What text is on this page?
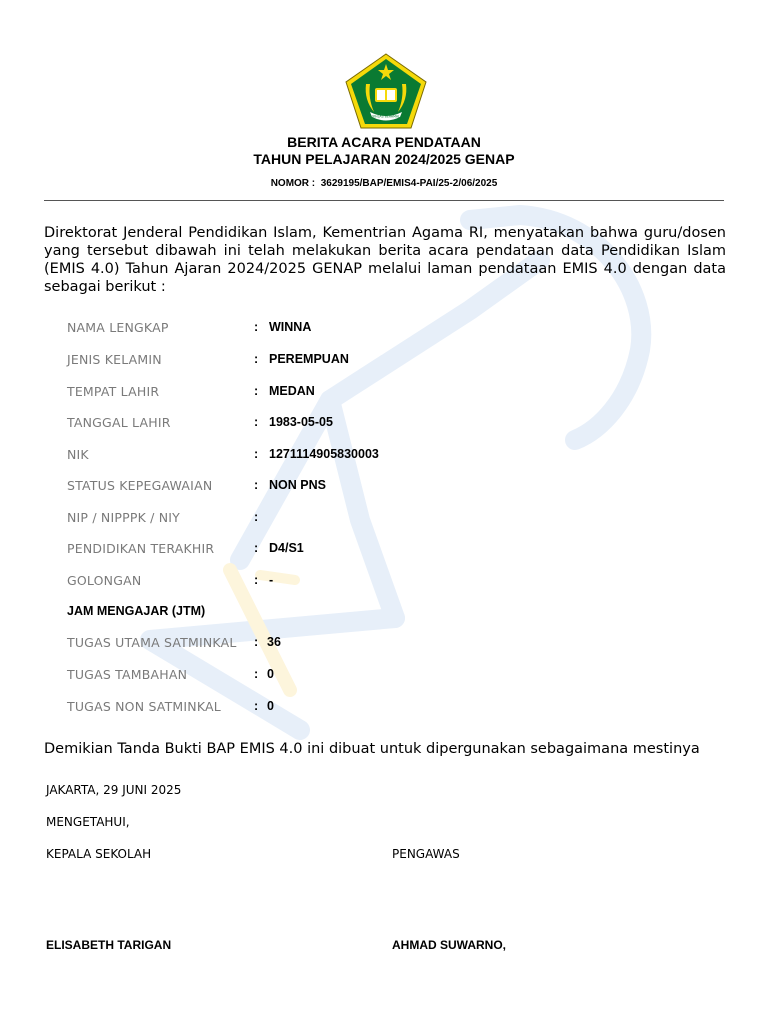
IKHLAS BERAMAL
BERITA ACARA PENDATAAN
TAHUN PELAJARAN 2024/2025 GENAP
NOMOR :  3629195/BAP/EMIS4-PAI/25-2/06/2025
Direktorat Jenderal Pendidikan Islam, Kementrian Agama RI, menyatakan bahwa guru/dosen yang tersebut dibawah ini telah melakukan berita acara pendataan data Pendidikan Islam (EMIS 4.0) Tahun Ajaran 2024/2025 GENAP melalui laman pendataan EMIS 4.0 dengan data sebagai berikut :
NAMA LENGKAP	: WINNA
JENIS KELAMIN	: PEREMPUAN
TEMPAT LAHIR	: MEDAN
TANGGAL LAHIR	: 1983-05-05
NIK	: 1271114905830003
STATUS KEPEGAWAIAN	: NON PNS
NIP / NIPPPK / NIY	:
PENDIDIKAN TERAKHIR	: D4/S1
GOLONGAN	: -
JAM MENGAJAR (JTM)
TUGAS UTAMA SATMINKAL : 36
TUGAS TAMBAHAN	: 0
TUGAS NON SATMINKAL	: 0
Demikian Tanda Bukti BAP EMIS 4.0 ini dibuat untuk dipergunakan sebagaimana mestinya
JAKARTA, 29 JUNI 2025
MENGETAHUI,
KEPALA SEKOLAH	PENGAWAS
ELISABETH TARIGAN	AHMAD SUWARNO,
